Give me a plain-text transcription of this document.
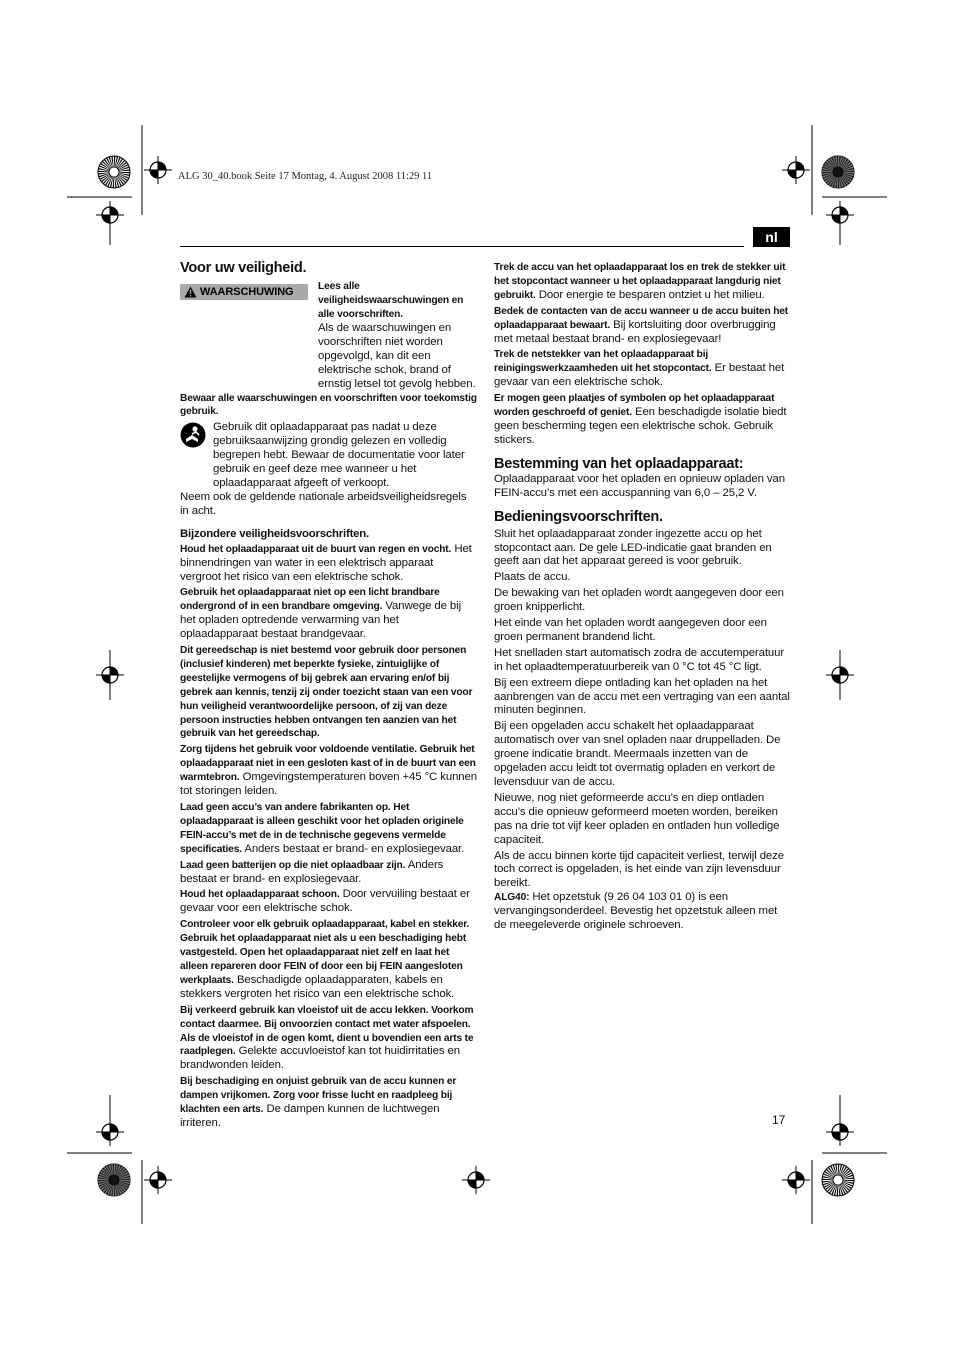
ALG 30_40.book Seite 17 Montag, 4. August 2008 11:29 11
nl
Voor uw veiligheid.
WAARSCHUWING Lees alle veiligheidswaarschuwingen en alle voorschriften.

Als de waarschuwingen en voorschriften niet worden opgevolgd, kan dit een elektrische schok, brand of ernstig letsel tot gevolg hebben.

Bewaar alle waarschuwingen en voorschriften voor toekomstig gebruik.

Gebruik dit oplaadapparaat pas nadat u deze gebruiksaanwijzing grondig gelezen en volledig begrepen hebt. Bewaar de documentatie voor later gebruik en geef deze mee wanneer u het oplaadapparaat afgeeft of verkoopt.

Neem ook de geldende nationale arbeidsveiligheidsregels in acht.

Bijzondere veiligheidsvoorschriften.

Houd het oplaadapparaat uit de buurt van regen en vocht. Het binnendringen van water in een elektrisch apparaat vergroot het risico van een elektrische schok.

Gebruik het oplaadapparaat niet op een licht brandbare ondergrond of in een brandbare omgeving. Vanwege de bij het opladen optredende verwarming van het oplaadapparaat bestaat brandgevaar.

Dit gereedschap is niet bestemd voor gebruik door personen (inclusief kinderen) met beperkte fysieke, zintuiglijke of geestelijke vermogens of bij gebrek aan ervaring en/of bij gebrek aan kennis, tenzij zij onder toezicht staan van een voor hun veiligheid verantwoordelijke persoon, of zij van deze persoon instructies hebben ontvangen ten aanzien van het gebruik van het gereedschap.

Zorg tijdens het gebruik voor voldoende ventilatie. Gebruik het oplaadapparaat niet in een gesloten kast of in de buurt van een warmtebron. Omgevingstemperaturen boven +45 °C kunnen tot storingen leiden.

Laad geen accu’s van andere fabrikanten op. Het oplaadapparaat is alleen geschikt voor het opladen originele FEIN-accu’s met de in de technische gegevens vermelde specificaties. Anders bestaat er brand- en explosiegevaar.

Laad geen batterijen op die niet oplaadbaar zijn. Anders bestaat er brand- en explosiegevaar.

Houd het oplaadapparaat schoon. Door vervuiling bestaat er gevaar voor een elektrische schok.

Controleer voor elk gebruik oplaadapparaat, kabel en stekker. Gebruik het oplaadapparaat niet als u een beschadiging hebt vastgesteld. Open het oplaadapparaat niet zelf en laat het alleen repareren door FEIN of door een bij FEIN aangesloten werkplaats. Beschadigde oplaadapparaten, kabels en stekkers vergroten het risico van een elektrische schok.

Bij verkeerd gebruik kan vloeistof uit de accu lekken. Voorkom contact daarmee. Bij onvoorzien contact met water afspoelen. Als de vloeistof in de ogen komt, dient u bovendien een arts te raadplegen. Gelekte accuvloeistof kan tot huidirritaties en brandwonden leiden.

Bij beschadiging en onjuist gebruik van de accu kunnen er dampen vrijkomen. Zorg voor frisse lucht en raadpleeg bij klachten een arts. De dampen kunnen de luchtwegen irriteren.

Trek de accu van het oplaadapparaat los en trek de stekker uit het stopcontact wanneer u het oplaadapparaat langdurig niet gebruikt. Door energie te besparen ontziet u het milieu.

Bedek de contacten van de accu wanneer u de accu buiten het oplaadapparaat bewaart. Bij kortsluiting door overbrugging met metaal bestaat brand- en explosiegevaar!

Trek de netstekker van het oplaadapparaat bij reinigingswerkzaamheden uit het stopcontact. Er bestaat het gevaar van een elektrische schok.

Er mogen geen plaatjes of symbolen op het oplaadapparaat worden geschroefd of geniet. Een beschadigde isolatie biedt geen bescherming tegen een elektrische schok. Gebruik stickers.

Bestemming van het oplaadapparaat:

Oplaadapparaat voor het opladen en opnieuw opladen van FEIN-accu’s met een accuspanning van 6,0 – 25,2 V.

Bedieningsvoorschriften.

Sluit het oplaadapparaat zonder ingezette accu op het stopcontact aan. De gele LED-indicatie gaat branden en geeft aan dat het apparaat gereed is voor gebruik.

Plaats de accu.

De bewaking van het opladen wordt aangegeven door een groen knipperlicht.

Het einde van het opladen wordt aangegeven door een groen permanent brandend licht.

Het snelladen start automatisch zodra de accutemperatuur in het oplaadtemperatuurbereik van 0 °C tot 45 °C ligt.

Bij een extreem diepe ontlading kan het opladen na het aanbrengen van de accu met een vertraging van een aantal minuten beginnen.

Bij een opgeladen accu schakelt het oplaadapparaat automatisch over van snel opladen naar druppelladen. De groene indicatie brandt. Meermaals inzetten van de opgeladen accu leidt tot overmatig opladen en verkort de levensduur van de accu.

Nieuwe, nog niet geformeerde accu’s en diep ontladen accu’s die opnieuw geformeerd moeten worden, bereiken pas na drie tot vijf keer opladen en ontladen hun volledige capaciteit.

Als de accu binnen korte tijd capaciteit verliest, terwijl deze toch correct is opgeladen, is het einde van zijn levensduur bereikt.

ALG40: Het opzetstuk (9 26 04 103 01 0) is een vervangingsonderdeel. Bevestig het opzetstuk alleen met de meegeleverde originele schroeven.

17
